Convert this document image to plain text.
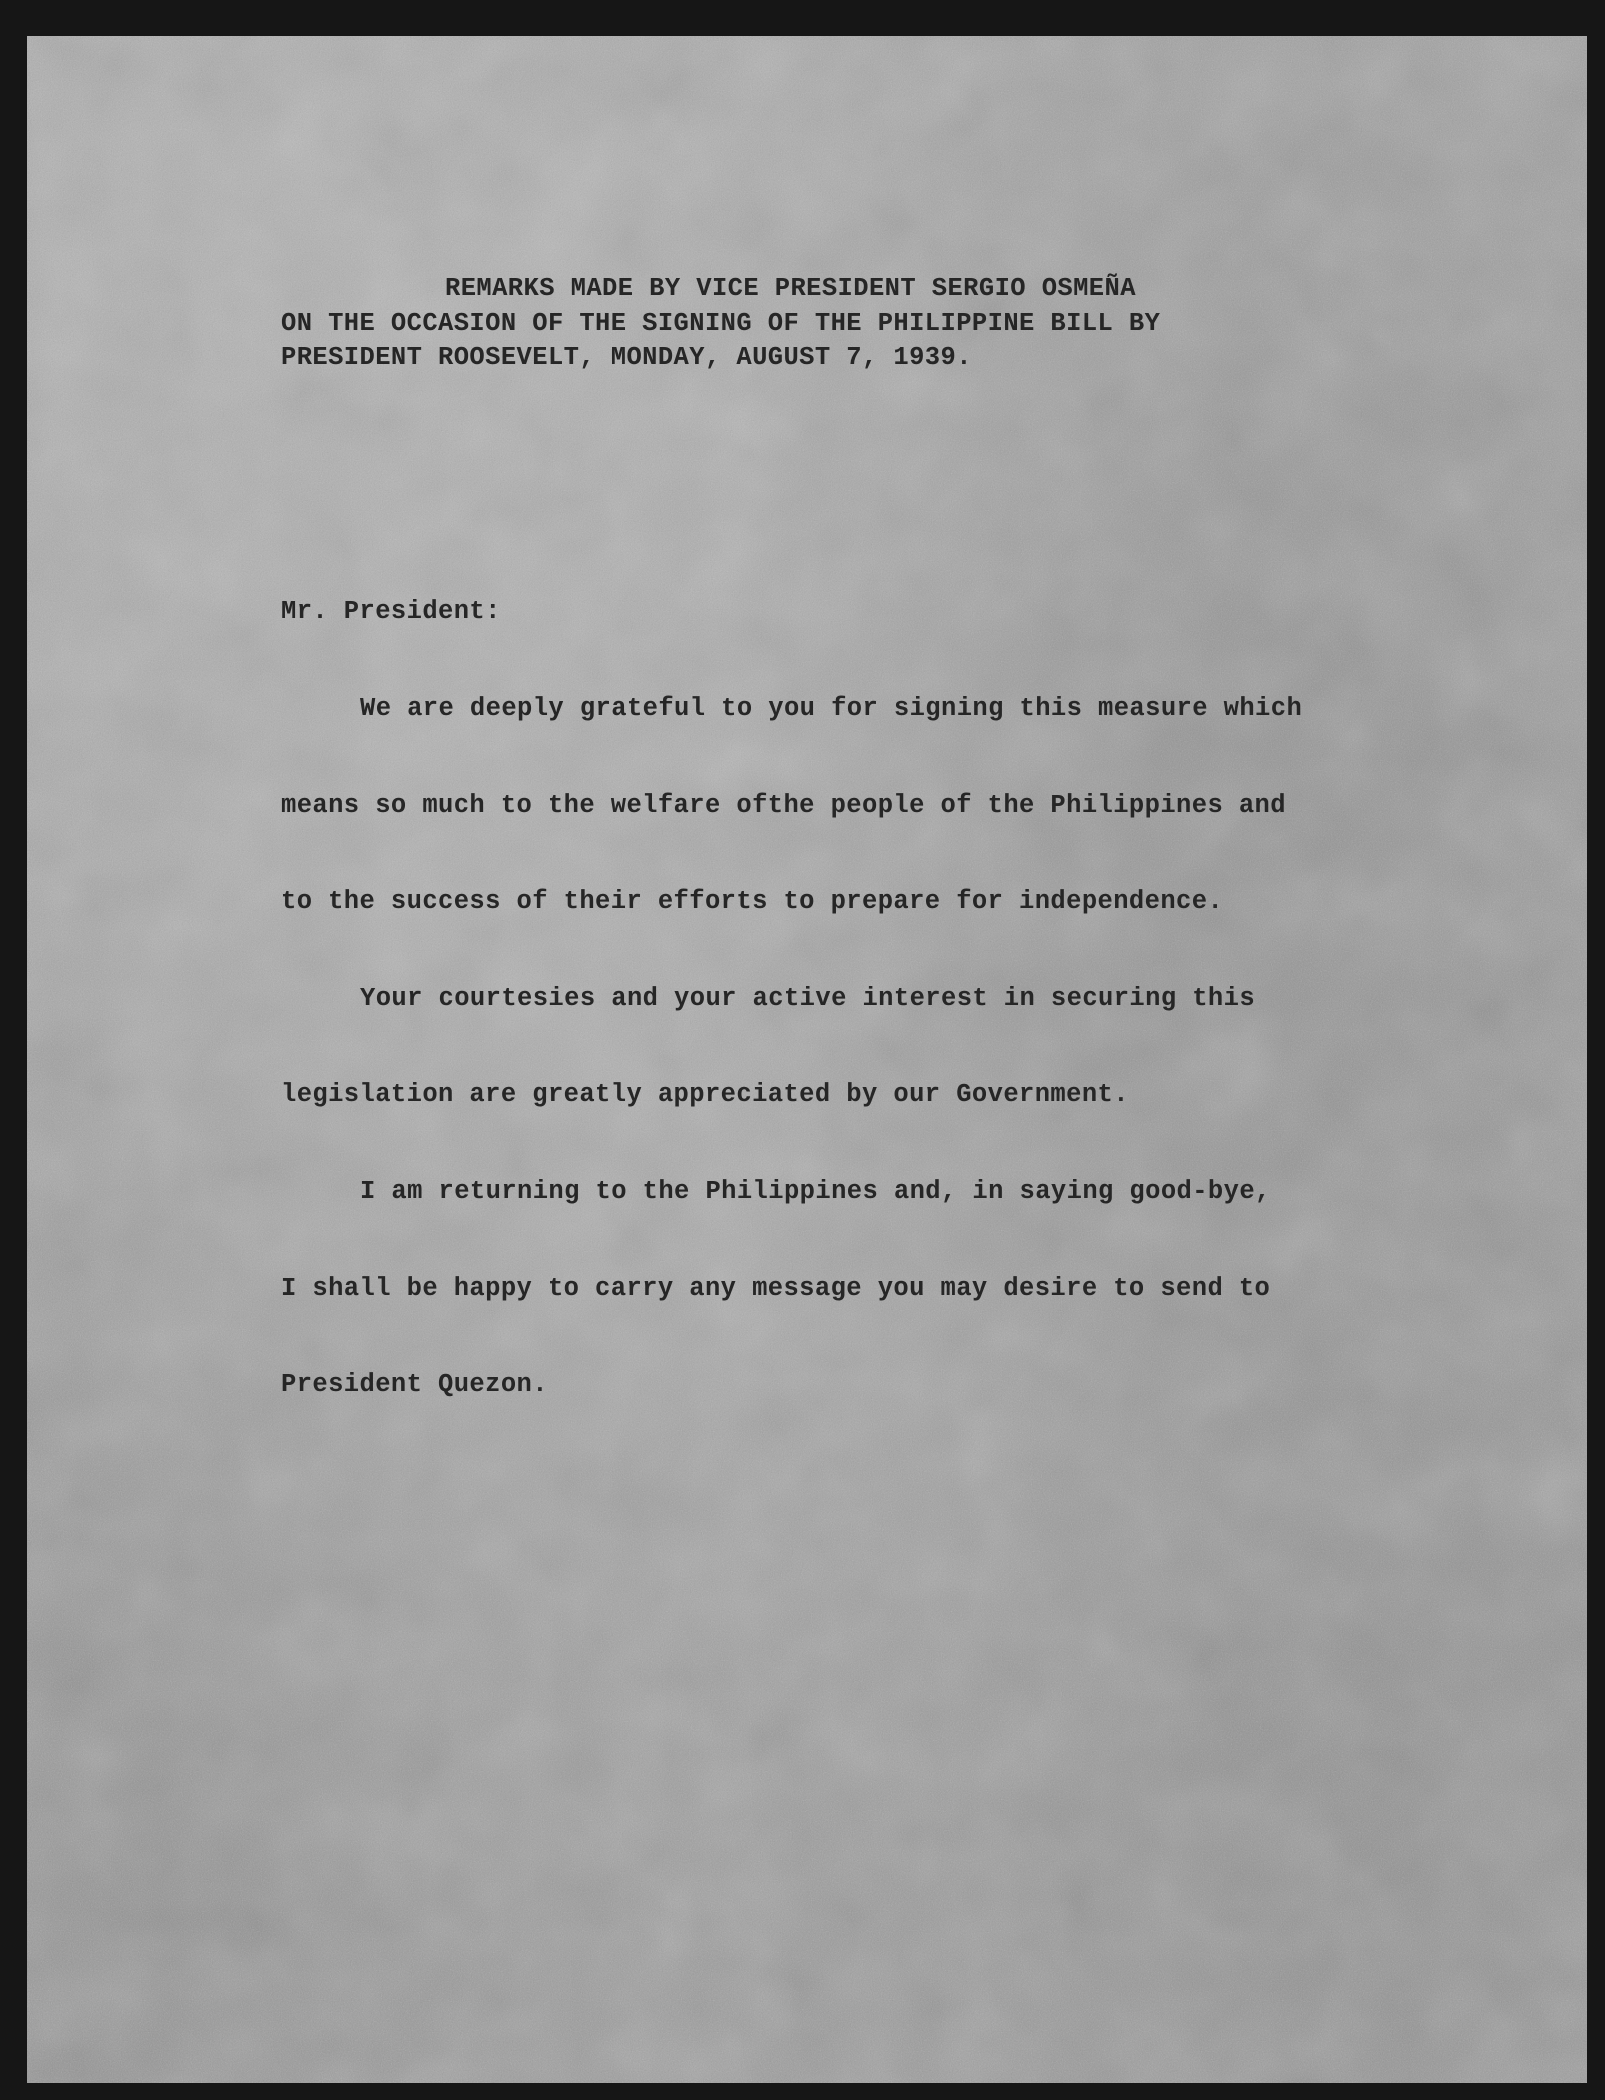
REMARKS MADE BY VICE PRESIDENT SERGIO OSMEÑA
ON THE OCCASION OF THE SIGNING OF THE PHILIPPINE BILL BY
PRESIDENT ROOSEVELT, MONDAY, AUGUST 7, 1939.
Mr. President:
We are deeply grateful to you for signing this measure which
means so much to the welfare ofthe people of the Philippines and
to the success of their efforts to prepare for independence.
Your courtesies and your active interest in securing this
legislation are greatly appreciated by our Government.
I am returning to the Philippines and, in saying good-bye,
I shall be happy to carry any message you may desire to send to
President Quezon.
